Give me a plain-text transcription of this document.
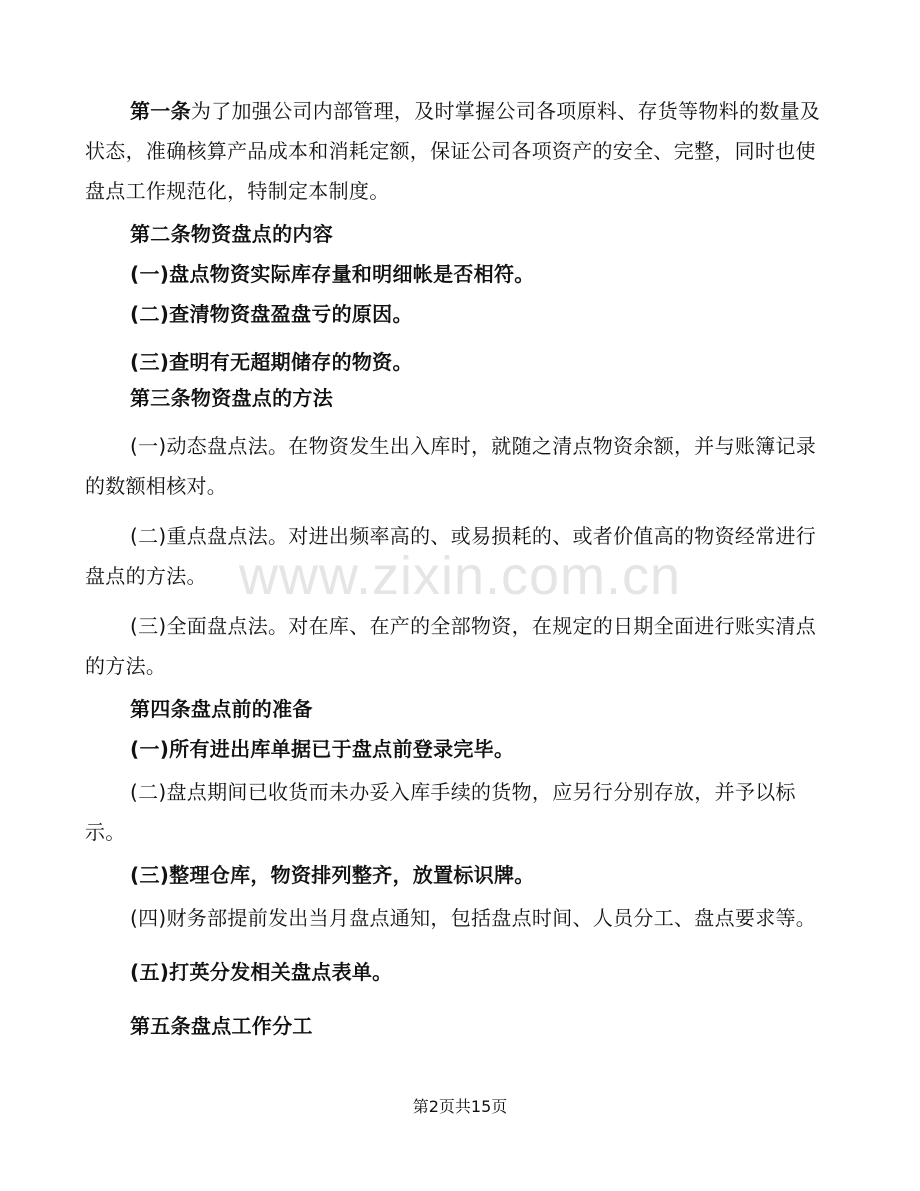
第一条为了加强公司内部管理，及时掌握公司各项原料、存货等物料的数量及状态，准确核算产品成本和消耗定额，保证公司各项资产的安全、完整，同时也使盘点工作规范化，特制定本制度。

第二条物资盘点的内容

(一)盘点物资实际库存量和明细帐是否相符。

(二)查清物资盘盈盘亏的原因。

(三)查明有无超期储存的物资。

第三条物资盘点的方法

(一)动态盘点法。在物资发生出入库时，就随之清点物资余额，并与账簿记录的数额相核对。

(二)重点盘点法。对进出频率高的、或易损耗的、或者价值高的物资经常进行盘点的方法。

(三)全面盘点法。对在库、在产的全部物资，在规定的日期全面进行账实清点的方法。

第四条盘点前的准备

(一)所有进出库单据已于盘点前登录完毕。

(二)盘点期间已收货而未办妥入库手续的货物，应另行分别存放，并予以标示。

(三)整理仓库，物资排列整齐，放置标识牌。

(四)财务部提前发出当月盘点通知，包括盘点时间、人员分工、盘点要求等。

(五)打英分发相关盘点表单。

第五条盘点工作分工

www.zixin.com.cn
第2页共15页
